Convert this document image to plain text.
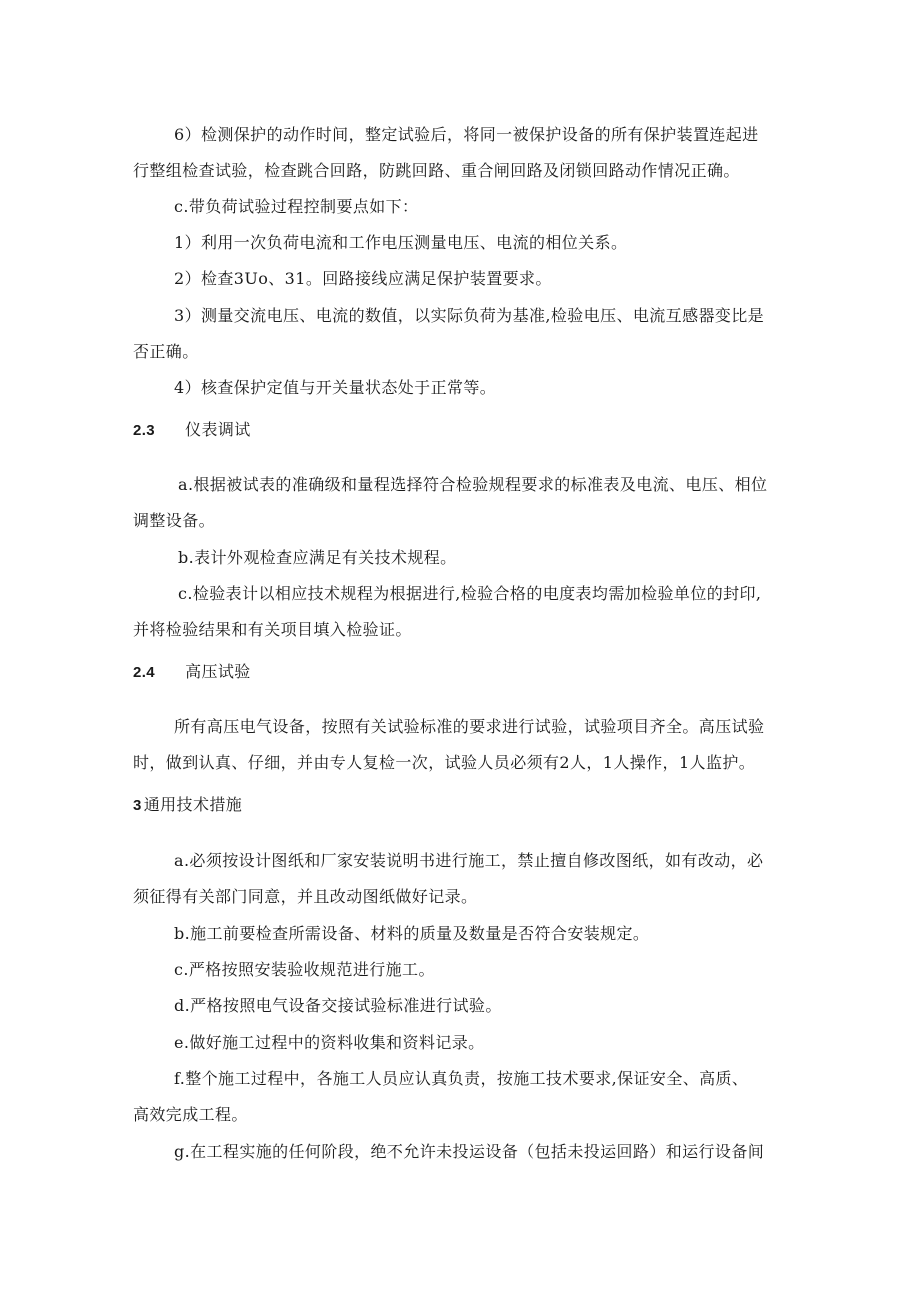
6）检测保护的动作时间，整定试验后，将同一被保护设备的所有保护装置连起进
行整组检查试验，检查跳合回路，防跳回路、重合闸回路及闭锁回路动作情况正确。
c.带负荷试验过程控制要点如下：
1）利用一次负荷电流和工作电压测量电压、电流的相位关系。
2）检查3Uo、31。回路接线应满足保护装置要求。
3）测量交流电压、电流的数值，以实际负荷为基准,检验电压、电流互感器变比是
否正确。
4）核查保护定值与开关量状态处于正常等。
2.3 仪表调试
a.根据被试表的准确级和量程选择符合检验规程要求的标准表及电流、电压、相位
调整设备。
b.表计外观检查应满足有关技术规程。
c.检验表计以相应技术规程为根据进行,检验合格的电度表均需加检验单位的封印,
并将检验结果和有关项目填入检验证。
2.4 高压试验
所有高压电气设备，按照有关试验标准的要求进行试验，试验项目齐全。高压试验
时，做到认真、仔细，并由专人复检一次，试验人员必须有2人，1人操作，1人监护。
3 通用技术措施
a.必须按设计图纸和厂家安装说明书进行施工，禁止擅自修改图纸，如有改动，必
须征得有关部门同意，并且改动图纸做好记录。
b.施工前要检查所需设备、材料的质量及数量是否符合安装规定。
c.严格按照安装验收规范进行施工。
d.严格按照电气设备交接试验标准进行试验。
e.做好施工过程中的资料收集和资料记录。
f.整个施工过程中，各施工人员应认真负责，按施工技术要求,保证安全、高质、
高效完成工程。
g.在工程实施的任何阶段，绝不允许未投运设备（包括未投运回路）和运行设备间
